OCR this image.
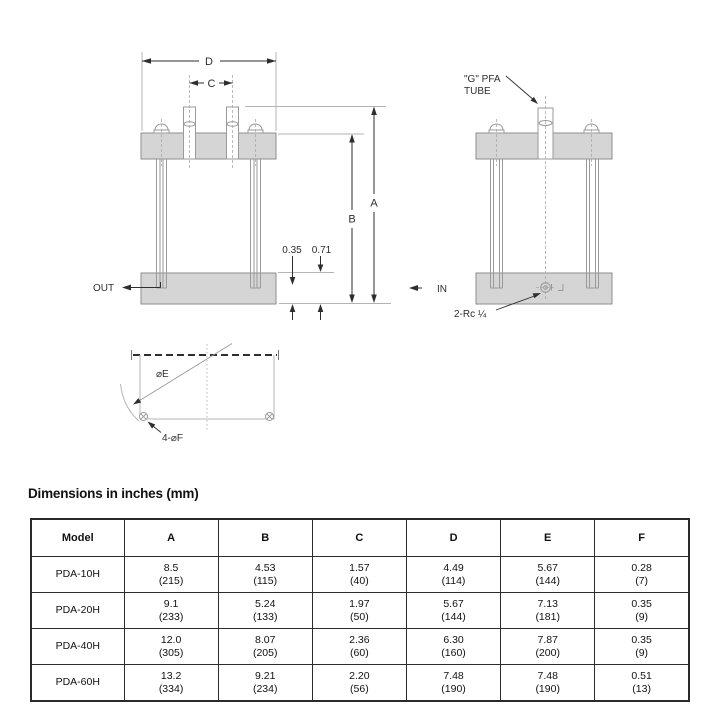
OUT
D
C
A
B
0.35 0.71
IN
"G" PFA
TUBE
2-Rc ¼
⌀E
4-⌀F
Dimensions in inches (mm)
Model	A	B	C	D	E	F
PDA-10H	8.5
(215)	4.53
(115)	1.57
(40)	4.49
(114)	5.67
(144)	0.28
(7)

PDA-20H	9.1
(233)	5.24
(133)	1.97
(50)	5.67
(144)	7.13
(181)	0.35
(9)

PDA-40H	12.0
(305)	8.07
(205)	2.36
(60)	6.30
(160)	7.87
(200)	0.35
(9)

PDA-60H	13.2
(334)	9.21
(234)	2.20
(56)	7.48
(190)	7.48
(190)	0.51
(13)
